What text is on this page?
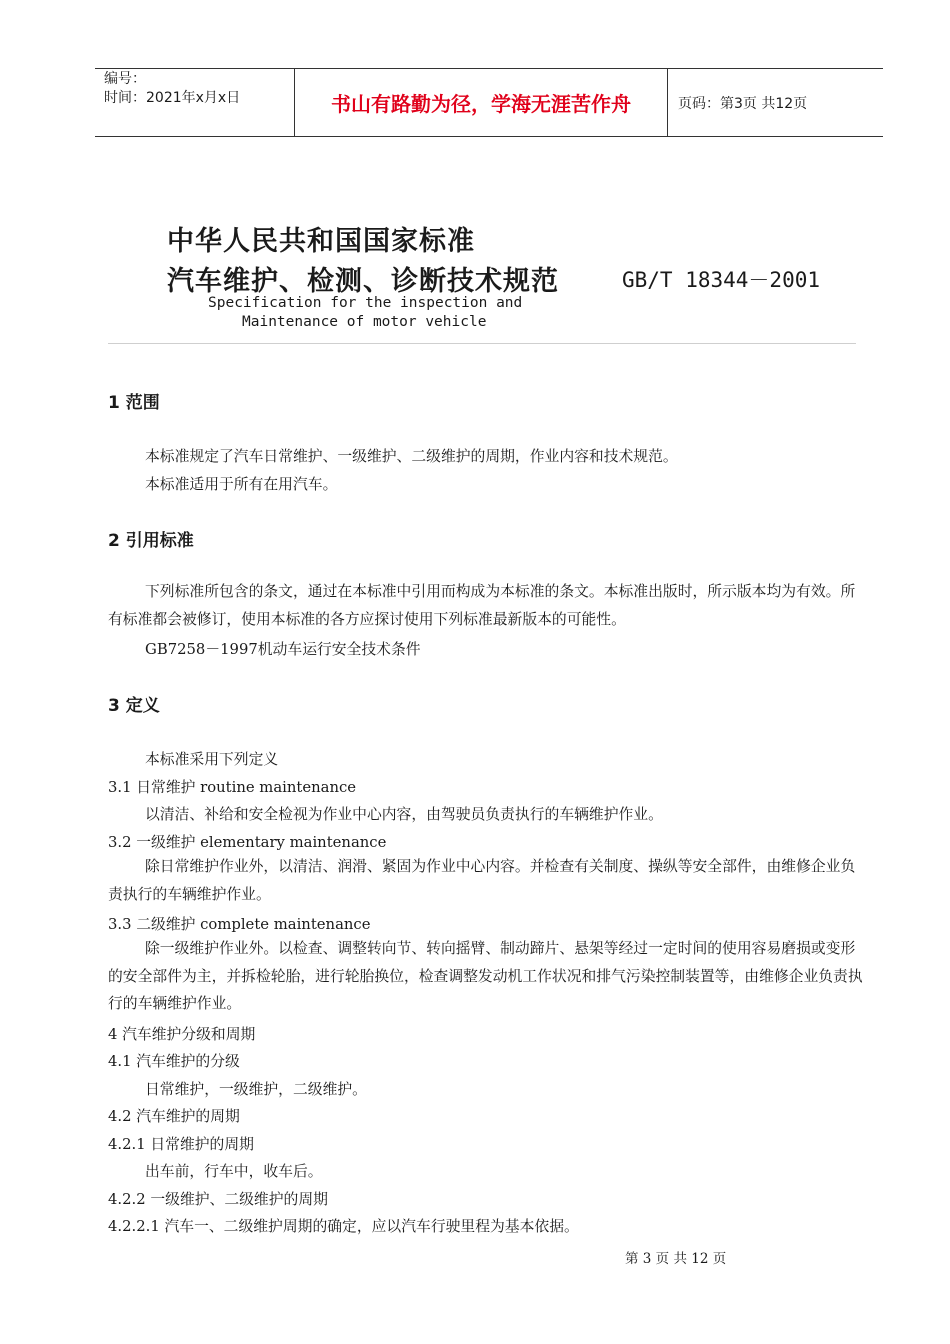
编号：
时间：2021年x月x日	书山有路勤为径，学海无涯苦作舟	页码：第3页 共12页
中华人民共和国国家标准
汽车维护、检测、诊断技术规范	GB/T 18344－2001
Specification for the inspection and
Maintenance of motor vehicle
1 范围
本标准规定了汽车日常维护、一级维护、二级维护的周期，作业内容和技术规范。
本标准适用于所有在用汽车。
2 引用标准
下列标准所包含的条文，通过在本标准中引用而构成为本标准的条文。本标准出版时，所示版本均为有效。所有标准都会被修订，使用本标准的各方应探讨使用下列标准最新版本的可能性。
GB7258－1997机动车运行安全技术条件
3 定义
本标准采用下列定义
3.1 日常维护 routine maintenance
以清洁、补给和安全检视为作业中心内容，由驾驶员负责执行的车辆维护作业。
3.2 一级维护 elementary maintenance
除日常维护作业外，以清洁、润滑、紧固为作业中心内容。并检查有关制度、操纵等安全部件，由维修企业负责执行的车辆维护作业。
3.3 二级维护 complete maintenance
除一级维护作业外。以检查、调整转向节、转向摇臂、制动蹄片、悬架等经过一定时间的使用容易磨损或变形的安全部件为主，并拆检轮胎，进行轮胎换位，检查调整发动机工作状况和排气污染控制装置等，由维修企业负责执行的车辆维护作业。
4 汽车维护分级和周期
4.1 汽车维护的分级
日常维护，一级维护，二级维护。
4.2 汽车维护的周期
4.2.1 日常维护的周期
出车前，行车中，收车后。
4.2.2 一级维护、二级维护的周期
4.2.2.1 汽车一、二级维护周期的确定，应以汽车行驶里程为基本依据。
第 3 页 共 12 页
